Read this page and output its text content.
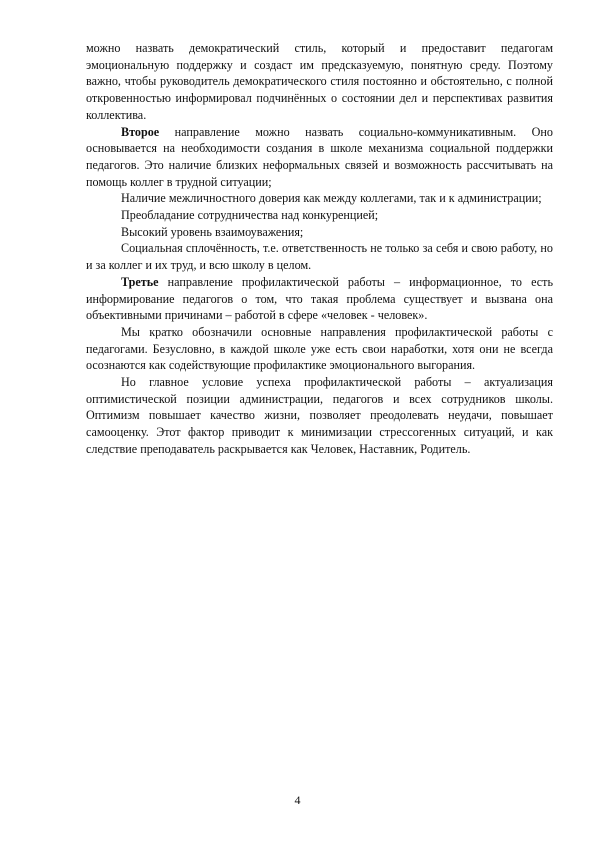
можно назвать демократический стиль, который и предоставит педагогам эмоциональную поддержку и создаст им предсказуемую, понятную среду. Поэтому важно, чтобы руководитель демократического стиля постоянно и обстоятельно, с полной откровенностью информировал подчинённых о состоянии дел и перспективах развития коллектива.

Второе направление можно назвать социально-коммуникативным. Оно основывается на необходимости создания в школе механизма социальной поддержки педагогов. Это наличие близких неформальных связей и возможность рассчитывать на помощь коллег в трудной ситуации;

Наличие межличностного доверия как между коллегами, так и к администрации;

Преобладание сотрудничества над конкуренцией;

Высокий уровень взаимоуважения;

Социальная сплочённость, т.е. ответственность не только за себя и свою работу, но и за коллег и их труд, и всю школу в целом.

Третье направление профилактической работы – информационное, то есть информирование педагогов о том, что такая проблема существует и вызвана она объективными причинами – работой в сфере «человек - человек».

Мы кратко обозначили основные направления профилактической работы с педагогами. Безусловно, в каждой школе уже есть свои наработки, хотя они не всегда осознаются как содействующие профилактике эмоционального выгорания.

Но главное условие успеха профилактической работы – актуализация оптимистической позиции администрации, педагогов и всех сотрудников школы. Оптимизм повышает качество жизни, позволяет преодолевать неудачи, повышает самооценку. Этот фактор приводит к минимизации стрессогенных ситуаций, и как следствие преподаватель раскрывается как Человек, Наставник, Родитель.

4
